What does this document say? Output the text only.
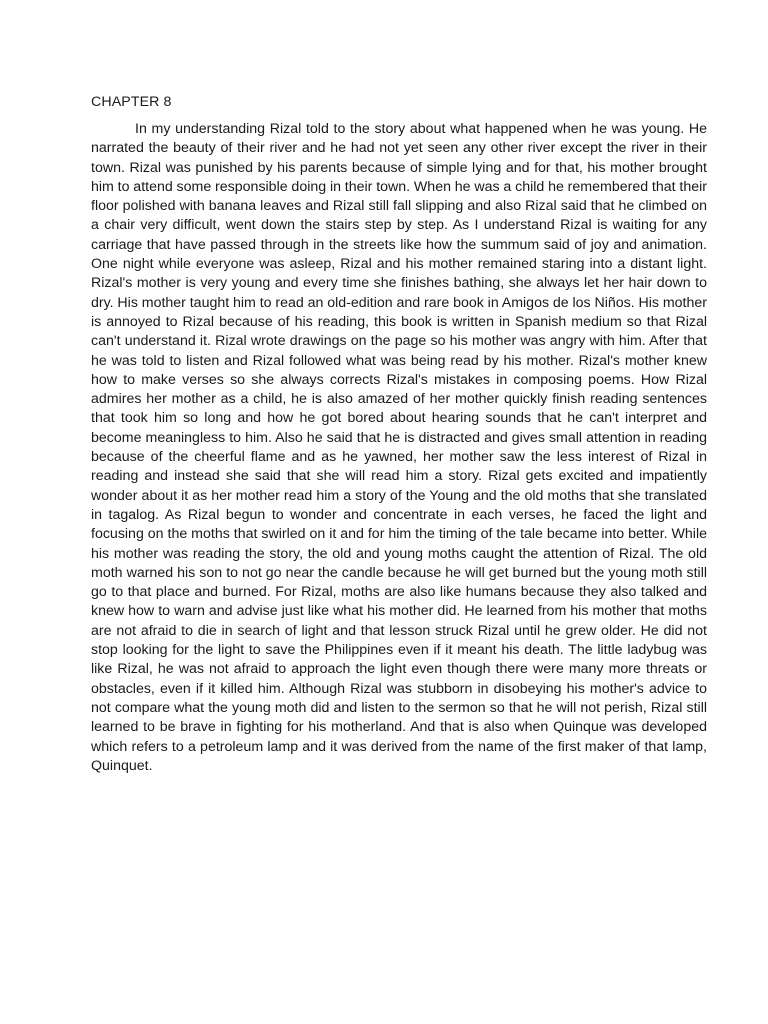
CHAPTER 8

In my understanding Rizal told to the story about what happened when he was young. He narrated the beauty of their river and he had not yet seen any other river except the river in their town. Rizal was punished by his parents because of simple lying and for that, his mother brought him to attend some responsible doing in their town. When he was a child he remembered that their floor polished with banana leaves and Rizal still fall slipping and also Rizal said that he climbed on a chair very difficult, went down the stairs step by step. As I understand Rizal is waiting for any carriage that have passed through in the streets like how the summum said of joy and animation. One night while everyone was asleep, Rizal and his mother remained staring into a distant light. Rizal's mother is very young and every time she finishes bathing, she always let her hair down to dry. His mother taught him to read an old-edition and rare book in Amigos de los Niños. His mother is annoyed to Rizal because of his reading, this book is written in Spanish medium so that Rizal can't understand it. Rizal wrote drawings on the page so his mother was angry with him. After that he was told to listen and Rizal followed what was being read by his mother. Rizal's mother knew how to make verses so she always corrects Rizal's mistakes in composing poems. How Rizal admires her mother as a child, he is also amazed of her mother quickly finish reading sentences that took him so long and how he got bored about hearing sounds that he can't interpret and become meaningless to him. Also he said that he is distracted and gives small attention in reading because of the cheerful flame and as he yawned, her mother saw the less interest of Rizal in reading and instead she said that she will read him a story. Rizal gets excited and impatiently wonder about it as her mother read him a story of the Young and the old moths that she translated in tagalog. As Rizal begun to wonder and concentrate in each verses, he faced the light and focusing on the moths that swirled on it and for him the timing of the tale became into better. While his mother was reading the story, the old and young moths caught the attention of Rizal. The old moth warned his son to not go near the candle because he will get burned but the young moth still go to that place and burned. For Rizal, moths are also like humans because they also talked and knew how to warn and advise just like what his mother did. He learned from his mother that moths are not afraid to die in search of light and that lesson struck Rizal until he grew older. He did not stop looking for the light to save the Philippines even if it meant his death. The little ladybug was like Rizal, he was not afraid to approach the light even though there were many more threats or obstacles, even if it killed him. Although Rizal was stubborn in disobeying his mother's advice to not compare what the young moth did and listen to the sermon so that he will not perish, Rizal still learned to be brave in fighting for his motherland. And that is also when Quinque was developed which refers to a petroleum lamp and it was derived from the name of the first maker of that lamp, Quinquet.
